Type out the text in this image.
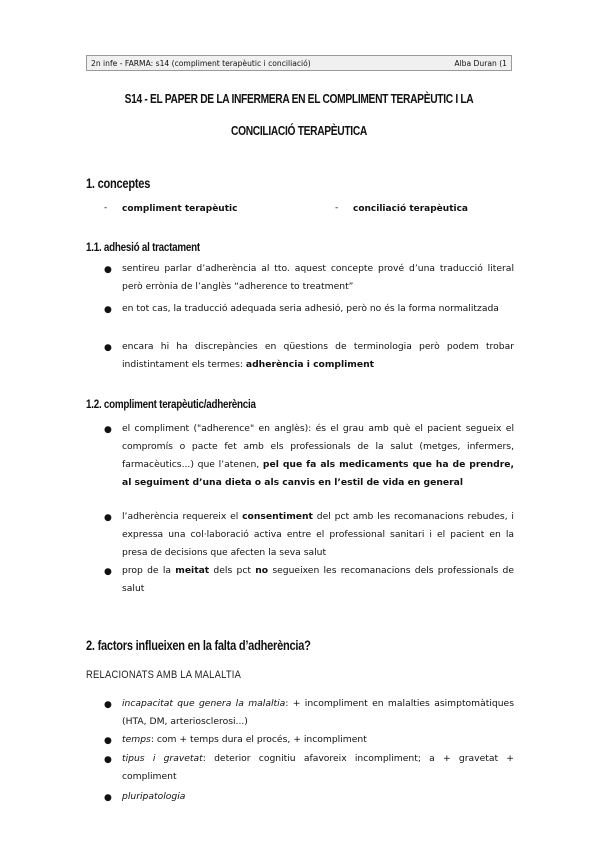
2n infe - FARMA: s14 (compliment terapèutic i conciliació)	Alba Duran (1
S14 - EL PAPER DE LA INFERMERA EN EL COMPLIMENT TERAPÈUTIC I LA
CONCILIACIÓ TERAPÈUTICA
1. conceptes
- compliment terapèutic	- conciliació terapèutica
1.1. adhesió al tractament
● sentireu parlar d’adherència al tto. aquest concepte prové d’una traducció literal però errònia de l’anglès “adherence to treatment”
● en tot cas, la traducció adequada seria adhesió, però no és la forma normalitzada
● encara hi ha discrepàncies en qüestions de terminologia però podem trobar indistintament els termes: adherència i compliment
1.2. compliment terapèutic/adherència
● el compliment ("adherence" en anglès): és el grau amb què el pacient segueix el compromís o pacte fet amb els professionals de la salut (metges, infermers, farmacèutics...) que l’atenen, pel que fa als medicaments que ha de prendre, al seguiment d’una dieta o als canvis en l’estil de vida en general
● l’adherència requereix el consentiment del pct amb les recomanacions rebudes, i expressa una col·laboració activa entre el professional sanitari i el pacient en la presa de decisions que afecten la seva salut
● prop de la meitat dels pct no segueixen les recomanacions dels professionals de salut
2. factors influeixen en la falta d’adherència?
RELACIONATS AMB LA MALALTIA
● incapacitat que genera la malaltia: + incompliment en malalties asimptomàtiques (HTA, DM, arteriosclerosi...)
● temps: com + temps dura el procés, + incompliment
● tipus i gravetat: deterior cognitiu afavoreix incompliment; a + gravetat + compliment
● pluripatologia
